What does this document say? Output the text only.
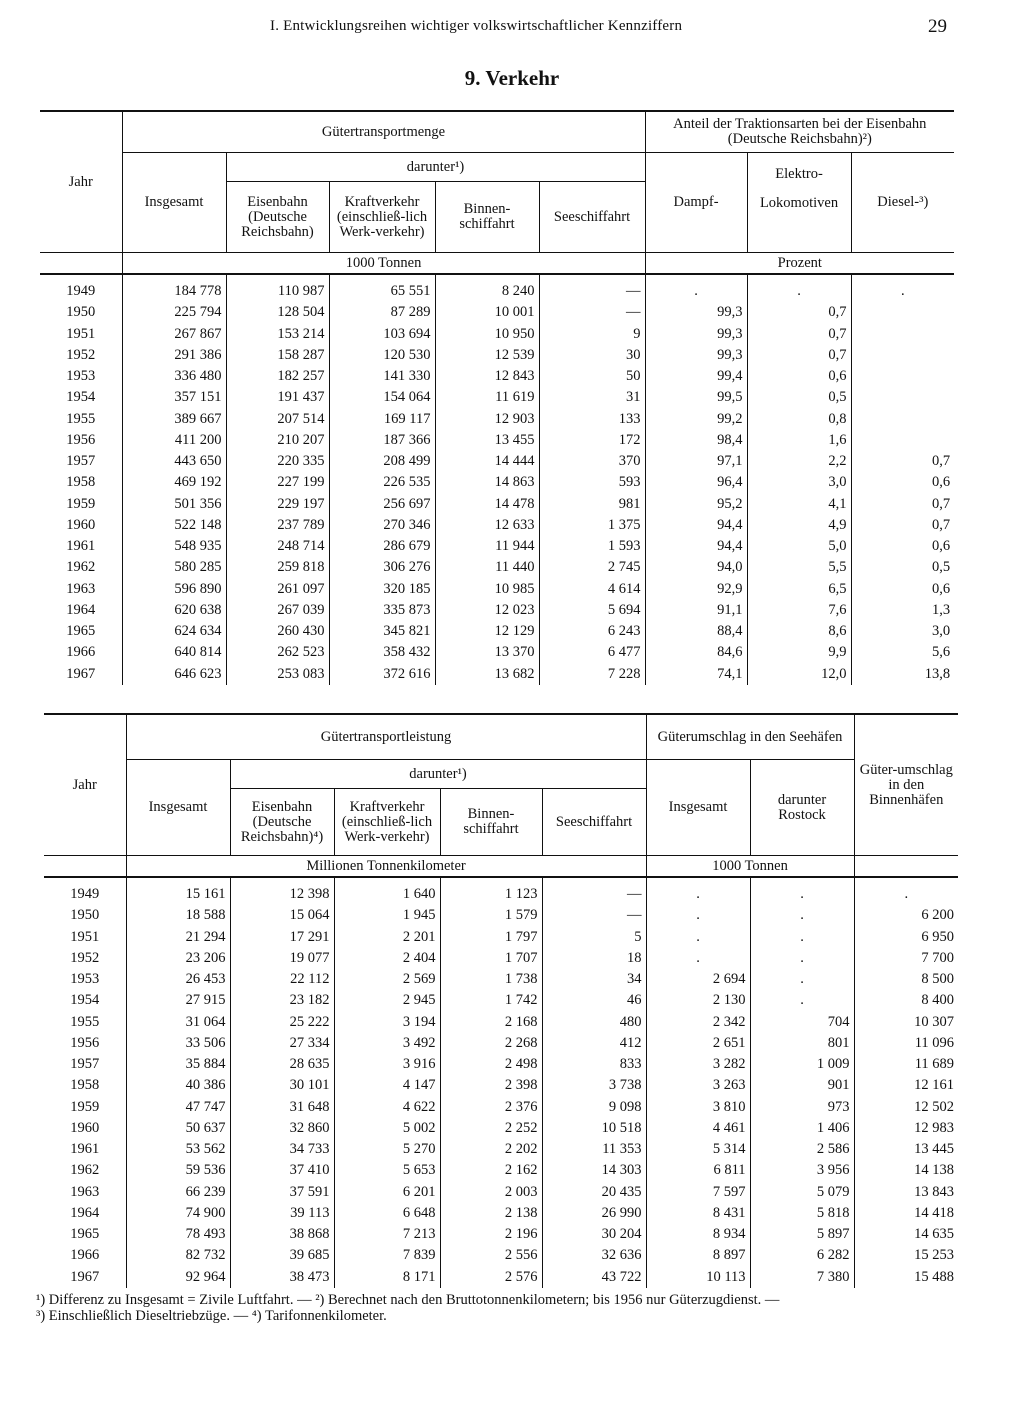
I. Entwicklungsreihen wichtiger volkswirtschaftlicher Kennziffern	29
9. Verkehr
Jahr	Gütertransportmenge					Anteil der Traktionsarten bei der Eisenbahn (Deutsche Reichsbahn)²)		
	Insgesamt	darunter¹)				Dampf-	Elektro-
Lokomotiven	Diesel-³)
		Eisenbahn (Deutsche Reichsbahn)	Kraftverkehr (einschließ-lich Werk-verkehr)	Binnen-schiffahrt	Seeschiffahrt			
	1000 Tonnen					Prozent		
1949	184 778	110 987	65 551	8 240	—	.	.	.
1950	225 794	128 504	87 289	10 001	—	99,3	0,7	
1951	267 867	153 214	103 694	10 950	9	99,3	0,7	
1952	291 386	158 287	120 530	12 539	30	99,3	0,7	
1953	336 480	182 257	141 330	12 843	50	99,4	0,6	
1954	357 151	191 437	154 064	11 619	31	99,5	0,5	
1955	389 667	207 514	169 117	12 903	133	99,2	0,8	
1956	411 200	210 207	187 366	13 455	172	98,4	1,6	
1957	443 650	220 335	208 499	14 444	370	97,1	2,2	0,7
1958	469 192	227 199	226 535	14 863	593	96,4	3,0	0,6
1959	501 356	229 197	256 697	14 478	981	95,2	4,1	0,7
1960	522 148	237 789	270 346	12 633	1 375	94,4	4,9	0,7
1961	548 935	248 714	286 679	11 944	1 593	94,4	5,0	0,6
1962	580 285	259 818	306 276	11 440	2 745	94,0	5,5	0,5
1963	596 890	261 097	320 185	10 985	4 614	92,9	6,5	0,6
1964	620 638	267 039	335 873	12 023	5 694	91,1	7,6	1,3
1965	624 634	260 430	345 821	12 129	6 243	88,4	8,6	3,0
1966	640 814	262 523	358 432	13 370	6 477	84,6	9,9	5,6
1967	646 623	253 083	372 616	13 682	7 228	74,1	12,0	13,8
Jahr	Gütertransportleistung					Güterumschlag in den Seehäfen		Güter-umschlag in den Binnenhäfen
	Insgesamt	darunter¹)				Insgesamt	darunter Rostock	
		Eisenbahn (Deutsche Reichsbahn)⁴)	Kraftverkehr (einschließ-lich Werk-verkehr)	Binnen-schiffahrt	Seeschiffahrt			
	Millionen Tonnenkilometer					1000 Tonnen		
1949	15 161	12 398	1 640	1 123	—	.	.	.
1950	18 588	15 064	1 945	1 579	—	.	.	6 200
1951	21 294	17 291	2 201	1 797	5	.	.	6 950
1952	23 206	19 077	2 404	1 707	18	.	.	7 700
1953	26 453	22 112	2 569	1 738	34	2 694	.	8 500
1954	27 915	23 182	2 945	1 742	46	2 130	.	8 400
1955	31 064	25 222	3 194	2 168	480	2 342	704	10 307
1956	33 506	27 334	3 492	2 268	412	2 651	801	11 096
1957	35 884	28 635	3 916	2 498	833	3 282	1 009	11 689
1958	40 386	30 101	4 147	2 398	3 738	3 263	901	12 161
1959	47 747	31 648	4 622	2 376	9 098	3 810	973	12 502
1960	50 637	32 860	5 002	2 252	10 518	4 461	1 406	12 983
1961	53 562	34 733	5 270	2 202	11 353	5 314	2 586	13 445
1962	59 536	37 410	5 653	2 162	14 303	6 811	3 956	14 138
1963	66 239	37 591	6 201	2 003	20 435	7 597	5 079	13 843
1964	74 900	39 113	6 648	2 138	26 990	8 431	5 818	14 418
1965	78 493	38 868	7 213	2 196	30 204	8 934	5 897	14 635
1966	82 732	39 685	7 839	2 556	32 636	8 897	6 282	15 253
1967	92 964	38 473	8 171	2 576	43 722	10 113	7 380	15 488
¹) Differenz zu Insgesamt = Zivile Luftfahrt. — ²) Berechnet nach den Bruttotonnenkilometern; bis 1956 nur Güterzugdienst. —
³) Einschließlich Dieseltriebzüge. — ⁴) Tarifonnenkilometer.
